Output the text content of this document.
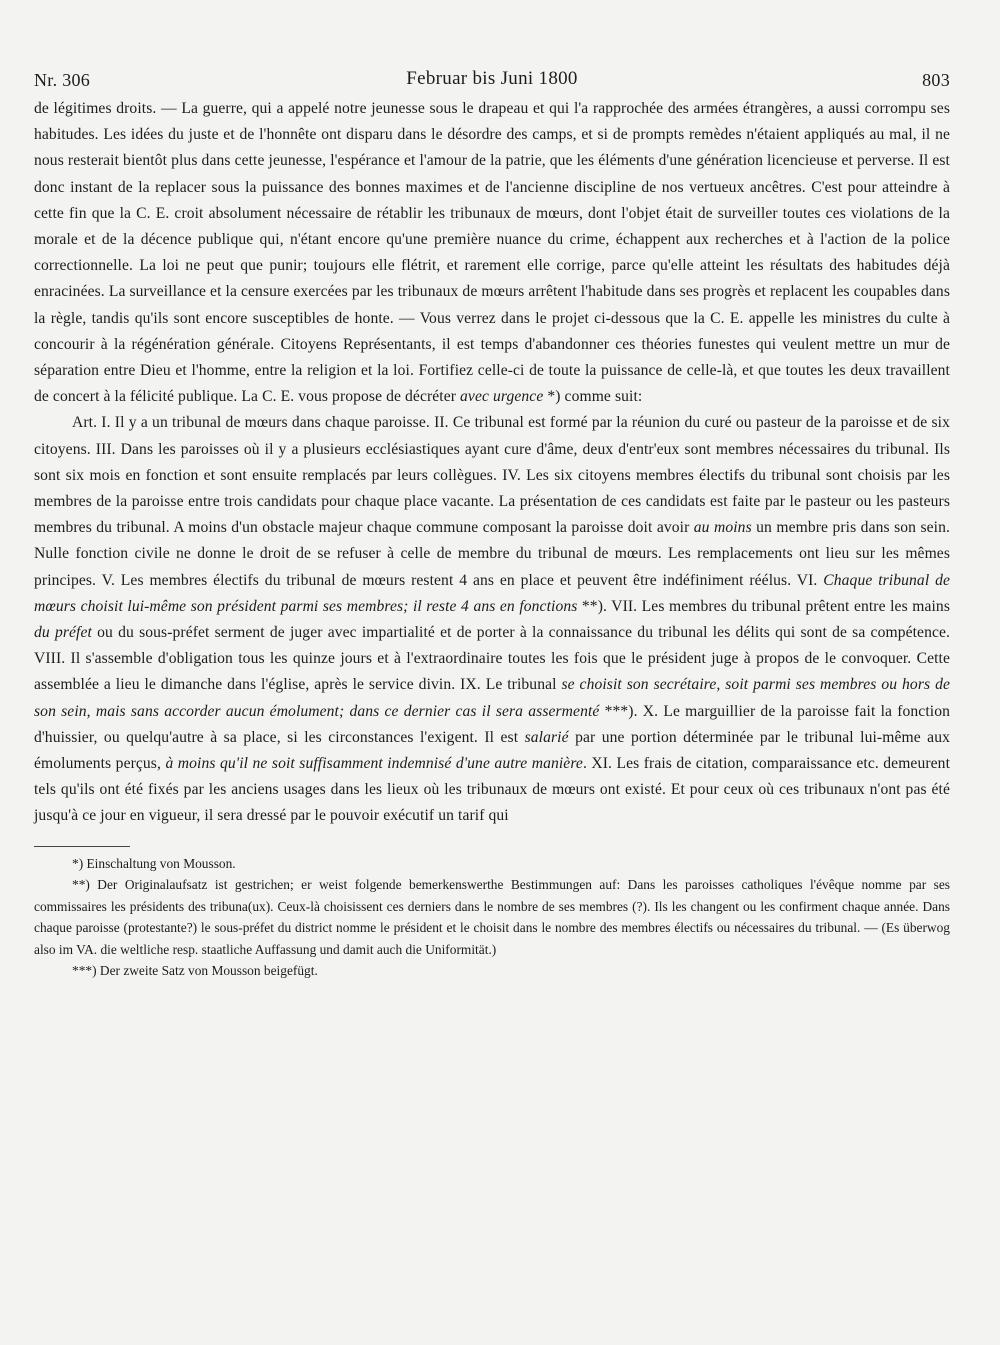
Nr. 306	Februar bis Juni 1800	803

de légitimes droits. — La guerre, qui a appelé notre jeunesse sous le drapeau et qui l'a rapprochée des armées étrangères, a aussi corrompu ses habitudes. Les idées du juste et de l'honnête ont disparu dans le désordre des camps, et si de prompts remèdes n'étaient appliqués au mal, il ne nous resterait bientôt plus dans cette jeunesse, l'espérance et l'amour de la patrie, que les éléments d'une génération licencieuse et perverse. Il est donc instant de la replacer sous la puissance des bonnes maximes et de l'ancienne discipline de nos vertueux ancêtres. C'est pour atteindre à cette fin que la C. E. croit absolument nécessaire de rétablir les tribunaux de mœurs, dont l'objet était de surveiller toutes ces violations de la morale et de la décence publique qui, n'étant encore qu'une première nuance du crime, échappent aux recherches et à l'action de la police correctionnelle. La loi ne peut que punir; toujours elle flétrit, et rarement elle corrige, parce qu'elle atteint les résultats des habitudes déjà enracinées. La surveillance et la censure exercées par les tribunaux de mœurs arrêtent l'habitude dans ses progrès et replacent les coupables dans la règle, tandis qu'ils sont encore susceptibles de honte. — Vous verrez dans le projet ci-dessous que la C. E. appelle les ministres du culte à concourir à la régénération générale. Citoyens Représentants, il est temps d'abandonner ces théories funestes qui veulent mettre un mur de séparation entre Dieu et l'homme, entre la religion et la loi. Fortifiez celle-ci de toute la puissance de celle-là, et que toutes les deux travaillent de concert à la félicité publique. La C. E. vous propose de décréter avec urgence *) comme suit:

Art. I. Il y a un tribunal de mœurs dans chaque paroisse. II. Ce tribunal est formé par la réunion du curé ou pasteur de la paroisse et de six citoyens. III. Dans les paroisses où il y a plusieurs ecclésiastiques ayant cure d'âme, deux d'entr'eux sont membres nécessaires du tribunal. Ils sont six mois en fonction et sont ensuite remplacés par leurs collègues. IV. Les six citoyens membres électifs du tribunal sont choisis par les membres de la paroisse entre trois candidats pour chaque place vacante. La présentation de ces candidats est faite par le pasteur ou les pasteurs membres du tribunal. A moins d'un obstacle majeur chaque commune composant la paroisse doit avoir au moins un membre pris dans son sein. Nulle fonction civile ne donne le droit de se refuser à celle de membre du tribunal de mœurs. Les remplacements ont lieu sur les mêmes principes. V. Les membres électifs du tribunal de mœurs restent 4 ans en place et peuvent être indéfiniment réélus. VI. Chaque tribunal de mœurs choisit lui-même son président parmi ses membres; il reste 4 ans en fonctions **). VII. Les membres du tribunal prêtent entre les mains du préfet ou du sous-préfet serment de juger avec impartialité et de porter à la connaissance du tribunal les délits qui sont de sa compétence. VIII. Il s'assemble d'obligation tous les quinze jours et à l'extraordinaire toutes les fois que le président juge à propos de le convoquer. Cette assemblée a lieu le dimanche dans l'église, après le service divin. IX. Le tribunal se choisit son secrétaire, soit parmi ses membres ou hors de son sein, mais sans accorder aucun émolument; dans ce dernier cas il sera assermenté ***). X. Le marguillier de la paroisse fait la fonction d'huissier, ou quelqu'autre à sa place, si les circonstances l'exigent. Il est salarié par une portion déterminée par le tribunal lui-même aux émoluments perçus, à moins qu'il ne soit suffisamment indemnisé d'une autre manière. XI. Les frais de citation, comparaissance etc. demeurent tels qu'ils ont été fixés par les anciens usages dans les lieux où les tribunaux de mœurs ont existé. Et pour ceux où ces tribunaux n'ont pas été jusqu'à ce jour en vigueur, il sera dressé par le pouvoir exécutif un tarif qui

*) Einschaltung von Mousson.

**) Der Originalaufsatz ist gestrichen; er weist folgende bemerkenswerthe Bestimmungen auf: Dans les paroisses catholiques l'évêque nomme par ses commissaires les présidents des tribuna(ux). Ceux-là choisissent ces derniers dans le nombre de ses membres (?). Ils les changent ou les confirment chaque année. Dans chaque paroisse (protestante?) le sous-préfet du district nomme le président et le choisit dans le nombre des membres électifs ou nécessaires du tribunal. — (Es überwog also im VA. die weltliche resp. staatliche Auffassung und damit auch die Uniformität.)

***) Der zweite Satz von Mousson beigefügt.
